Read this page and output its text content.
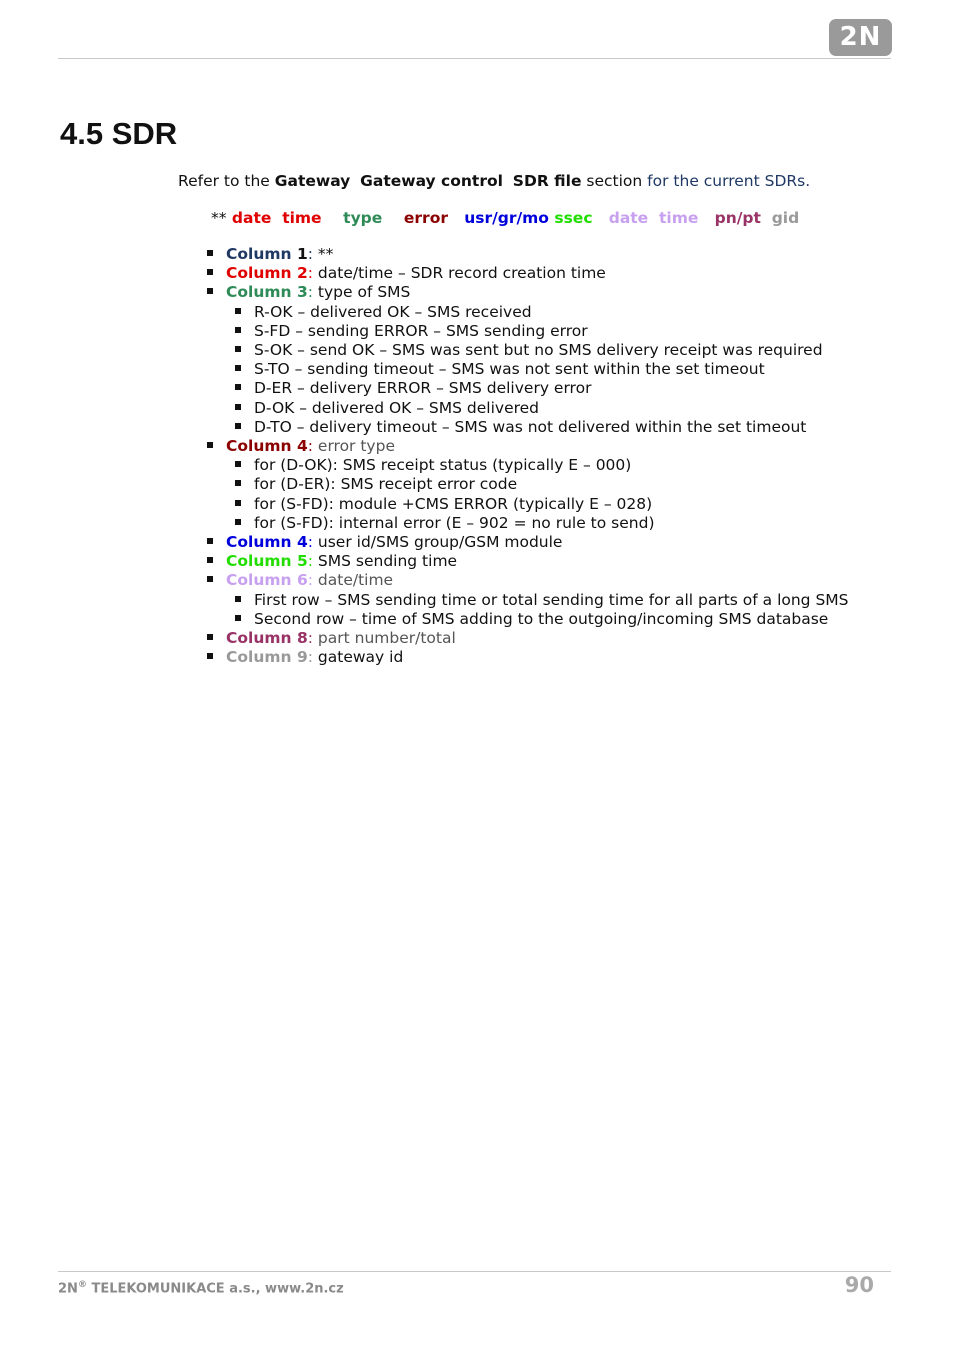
2N
4.5 SDR
Refer to the Gateway Gateway control SDR file section for the current SDRs.
** date time type error usr/gr/mo ssec date time pn/pt gid
Column 1: **
Column 2: date/time – SDR record creation time
Column 3: type of SMS
R-OK – delivered OK – SMS received
S-FD – sending ERROR – SMS sending error
S-OK – send OK – SMS was sent but no SMS delivery receipt was required
S-TO – sending timeout – SMS was not sent within the set timeout
D-ER – delivery ERROR – SMS delivery error
D-OK – delivered OK – SMS delivered
D-TO – delivery timeout – SMS was not delivered within the set timeout
Column 4: error type
for (D-OK): SMS receipt status (typically E – 000)
for (D-ER): SMS receipt error code
for (S-FD): module +CMS ERROR (typically E – 028)
for (S-FD): internal error (E – 902 = no rule to send)
Column 4: user id/SMS group/GSM module
Column 5: SMS sending time
Column 6: date/time
First row – SMS sending time or total sending time for all parts of a long SMS
Second row – time of SMS adding to the outgoing/incoming SMS database
Column 8: part number/total
Column 9: gateway id
2N® TELEKOMUNIKACE a.s., www.2n.cz	90
